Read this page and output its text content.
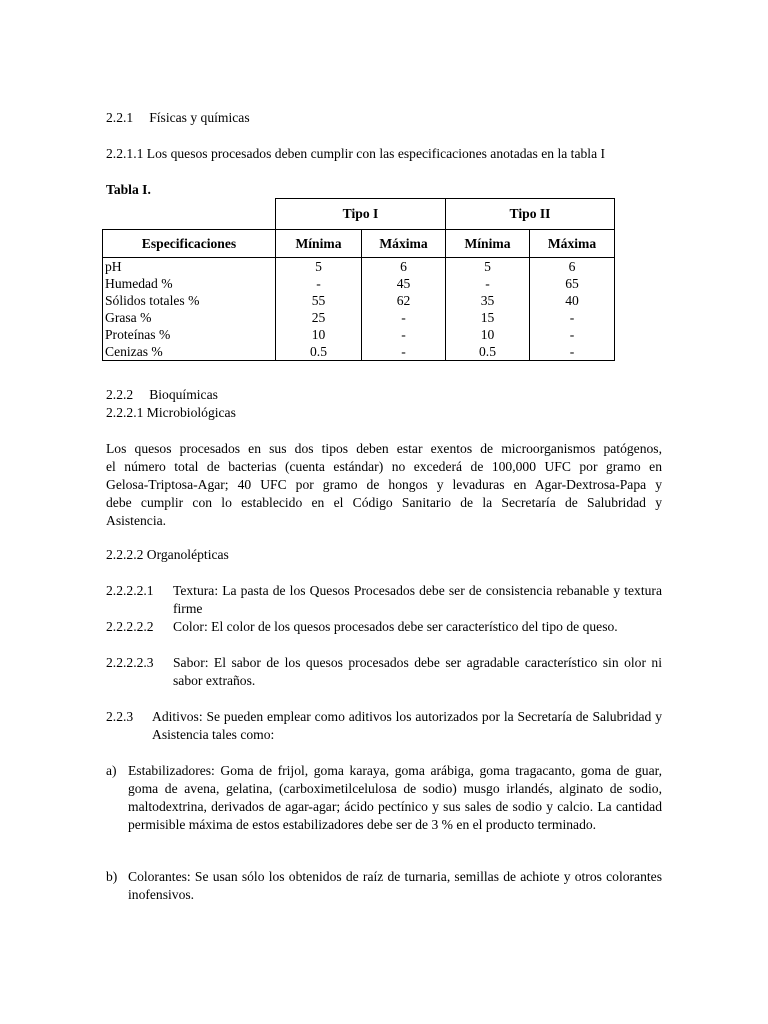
2.2.1 Físicas y químicas

2.2.1.1 Los quesos procesados deben cumplir con las especificaciones anotadas en la tabla I

Tabla I.

	Tipo I		Tipo II	
Especificaciones	Mínima	Máxima	Mínima	Máxima
pH	5	6	5	6
Humedad %	-	45	-	65
Sólidos totales %	55	62	35	40
Grasa %	25	-	15	-
Proteínas %	10	-	10	-
Cenizas %	0.5	-	0.5	-

2.2.2 Bioquímicas

2.2.2.1 Microbiológicas

Los quesos procesados en sus dos tipos deben estar exentos de microorganismos patógenos,
el número total de bacterias (cuenta estándar) no excederá de 100,000 UFC por gramo en
Gelosa-Triptosa-Agar; 40 UFC por gramo de hongos y levaduras en Agar-Dextrosa-Papa y
debe cumplir con lo establecido en el Código Sanitario de la Secretaría de Salubridad y
Asistencia.

2.2.2.2 Organolépticas

2.2.2.2.1 Textura: La pasta de los Quesos Procesados debe ser de consistencia rebanable y textura firme
2.2.2.2.2 Color: El color de los quesos procesados debe ser característico del tipo de queso.
2.2.2.2.3 Sabor: El sabor de los quesos procesados debe ser agradable característico sin olor ni sabor extraños.
2.2.3 Aditivos: Se pueden emplear como aditivos los autorizados por la Secretaría de Salubridad y Asistencia tales como:
a) Estabilizadores: Goma de frijol, goma karaya, goma arábiga, goma tragacanto, goma de guar, goma de avena, gelatina, (carboximetilcelulosa de sodio) musgo irlandés, alginato de sodio, maltodextrina, derivados de agar-agar; ácido pectínico y sus sales de sodio y calcio. La cantidad permisible máxima de estos estabilizadores debe ser de 3 % en el producto terminado.
b) Colorantes: Se usan sólo los obtenidos de raíz de turnaria, semillas de achiote y otros colorantes inofensivos.
